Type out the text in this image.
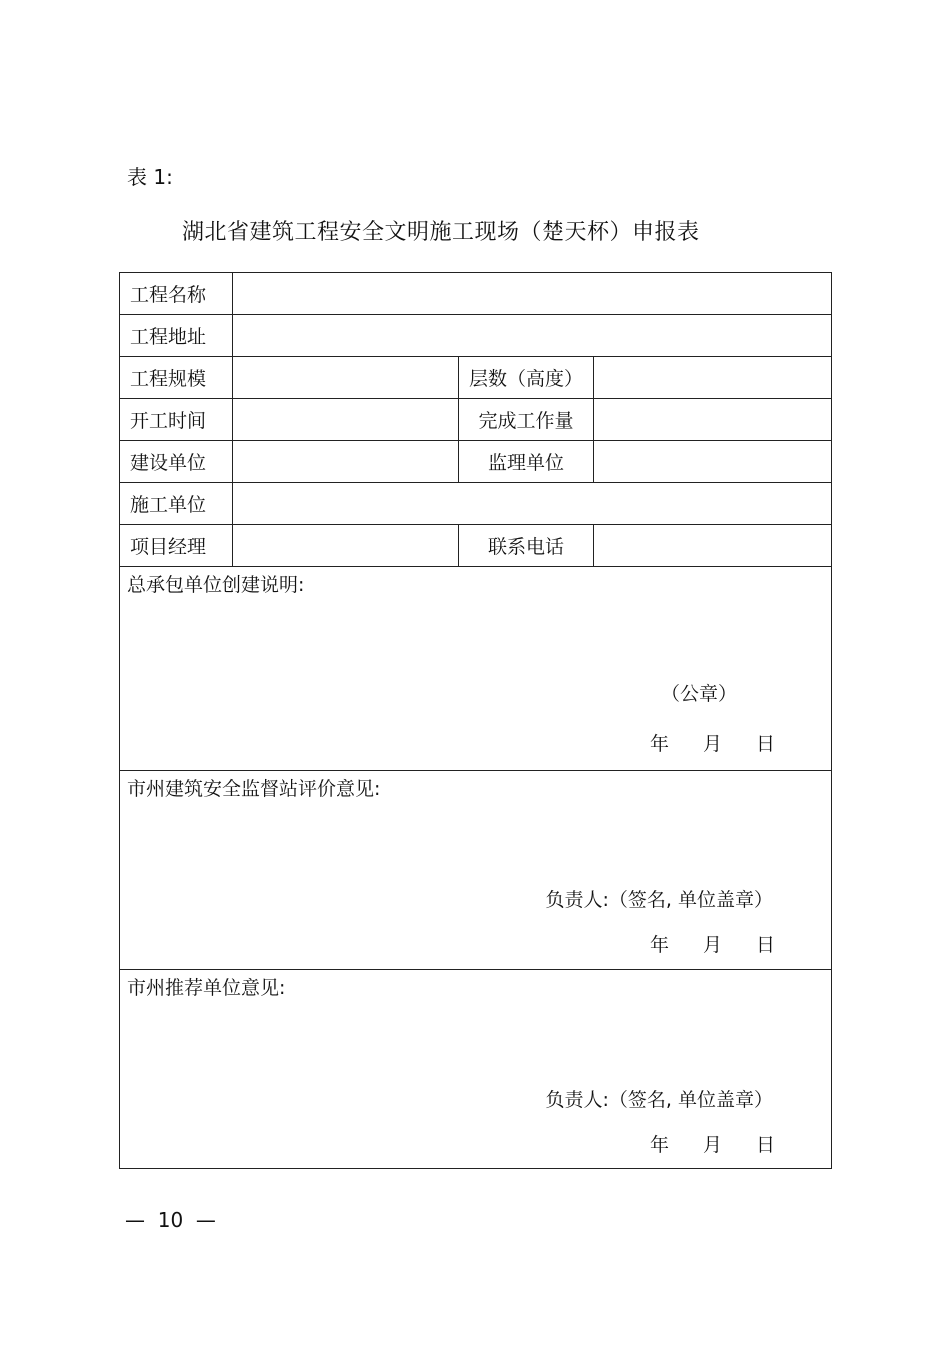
表 1:
湖北省建筑工程安全文明施工现场（楚天杯）申报表
工程名称			
工程地址			
工程规模		层数（高度）	
开工时间		完成工作量	
建设单位		监理单位	
施工单位			
项目经理		联系电话	

总承包单位创建说明:
（公章）
年 月 日			

市州建筑安全监督站评价意见:
负责人:（签名, 单位盖章）
年 月 日			

市州推荐单位意见:
负责人:（签名, 单位盖章）
年 月 日			
—  10  —
